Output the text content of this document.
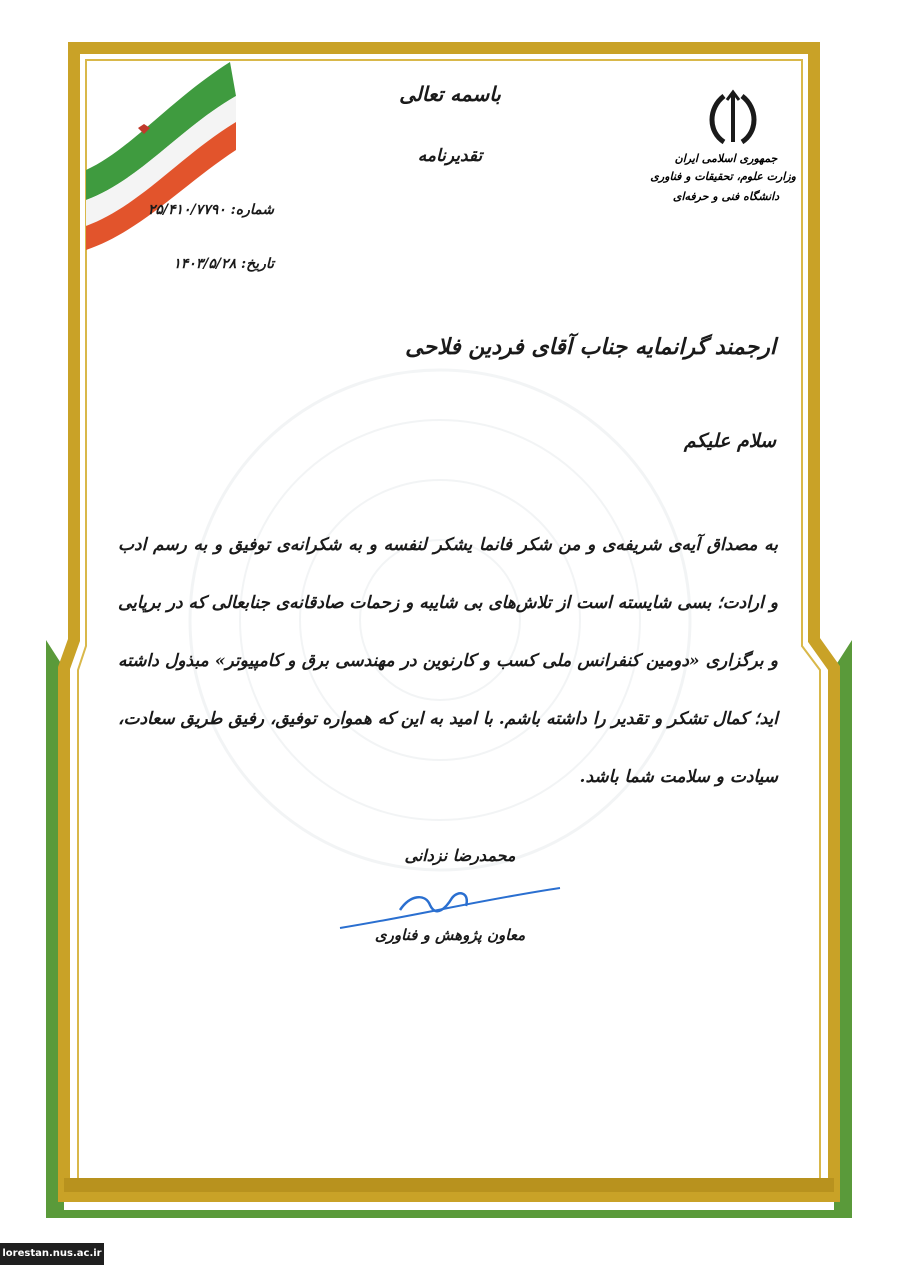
جمهوری اسلامی ایران
وزارت علوم، تحقیقات و فناوری
دانشگاه فنی و حرفه‌ای
باسمه تعالی
تقدیرنامه
شماره: ۲۵/۴۱۰/۷۷۹۰
تاریخ: ۱۴۰۳/۵/۲۸
ارجمند گرانمایه جناب آقای فردین فلاحی
سلام علیکم
به مصداق آیه‌ی شریفه‌ی و من شکر فانما یشکر لنفسه و به شکرانه‌ی توفیق و به رسم ادب و ارادت؛ بسی شایسته است از تلاش‌های بی شایبه و زحمات صادقانه‌ی جنابعالی که در برپایی و برگزاری «دومین کنفرانس ملی کسب و کارنوین در مهندسی برق و کامپیوتر» مبذول داشته اید؛ کمال تشکر و تقدیر را داشته باشم. با امید به این که همواره توفیق، رفیق طریق سعادت، سیادت و سلامت شما باشد.
محمدرضا نزدانی
معاون پژوهش و فناوری
lorestan.nus.ac.ir
